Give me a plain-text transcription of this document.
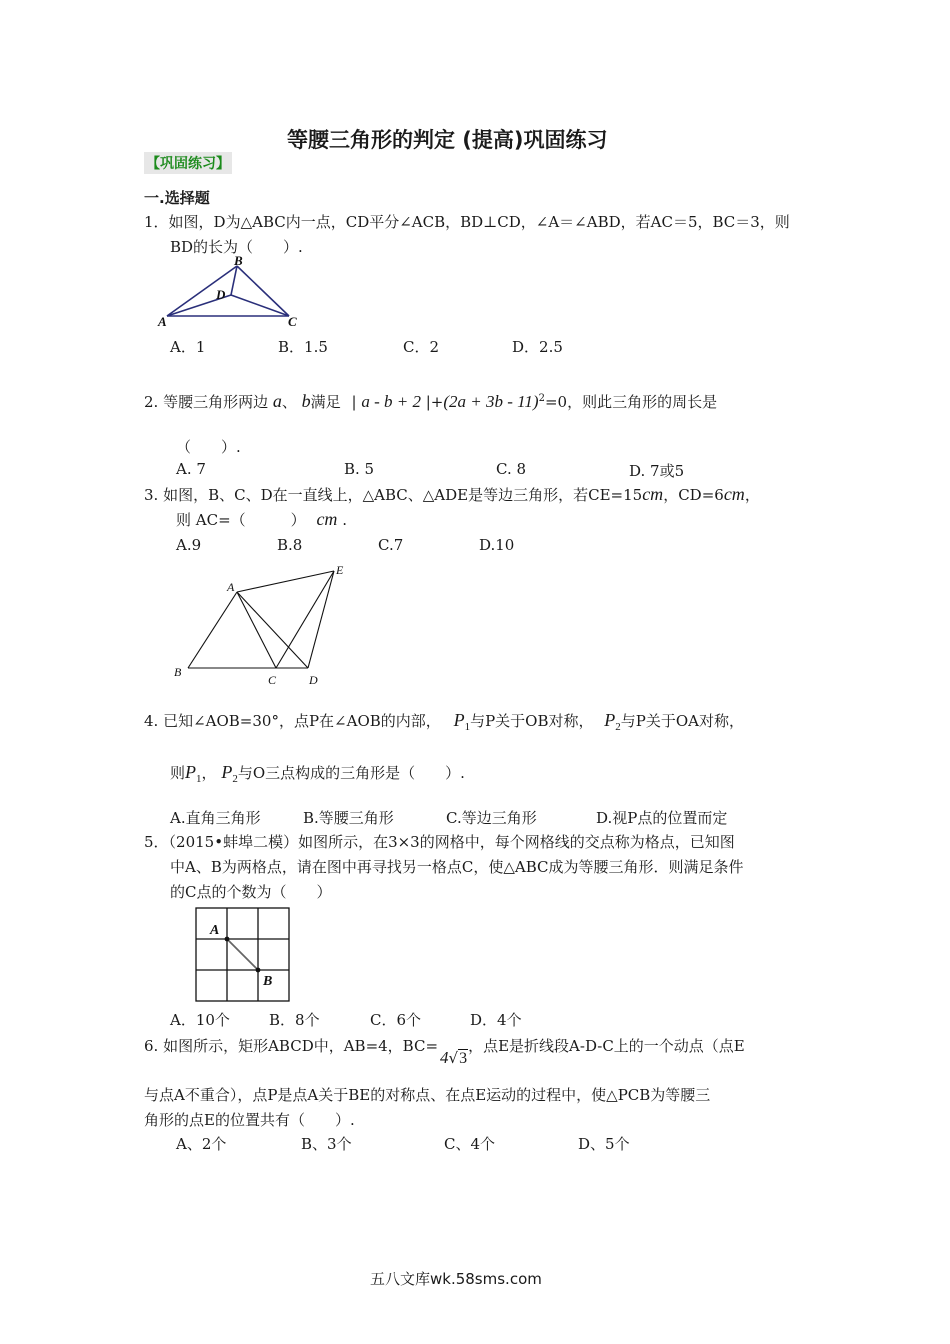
等腰三角形的判定 (提高)巩固练习
【巩固练习】
一.选择题
1．如图，D为△ABC内一点，CD平分∠ACB，BD⊥CD，∠A＝∠ABD，若AC＝5，BC＝3，则
BD的长为（　　）.
A
B
C
D
A．1	B．1.5	C．2	D．2.5
2. 等腰三角形两边 a、 b满足 | a - b + 2 $|+(2a + 3b - 11)^2=0$，则此三角形的周长是
（　　）.
A. 7	B. 5	C. 8	D. 7或5
3. 如图，B、C、D在一直线上，△ABC、△ADE是等边三角形，若CE=15cm，CD=6cm，
则 AC=（　　　） cm .
A.9	B.8	C.7	D.10
A
B
C	D
E
4. 已知∠AOB=30°，点P在∠AOB的内部， $P_1$与P关于OB对称， $P_2$与P关于OA对称，
则$P_1$， $P_2$与O三点构成的三角形是（　　）.
A.直角三角形	B.等腰三角形	C.等边三角形	D.视P点的位置而定
5．（2015•蚌埠二模）如图所示，在3×3的网格中，每个网格线的交点称为格点，已知图
中A、B为两格点，请在图中再寻找另一格点C，使△ABC成为等腰三角形．则满足条件
的C点的个数为（　　）
A
B
A．10个	B．8个	C．6个	D．4个
6. 如图所示，矩形ABCD中，AB=4，BC=4√3，点E是折线段A-D-C上的一个动点（点E
与点A不重合），点P是点A关于BE的对称点、在点E运动的过程中，使△PCB为等腰三
角形的点E的位置共有（　　）.
A、2个	B、3个	C、4个	D、5个
五八文库wk.58sms.com
